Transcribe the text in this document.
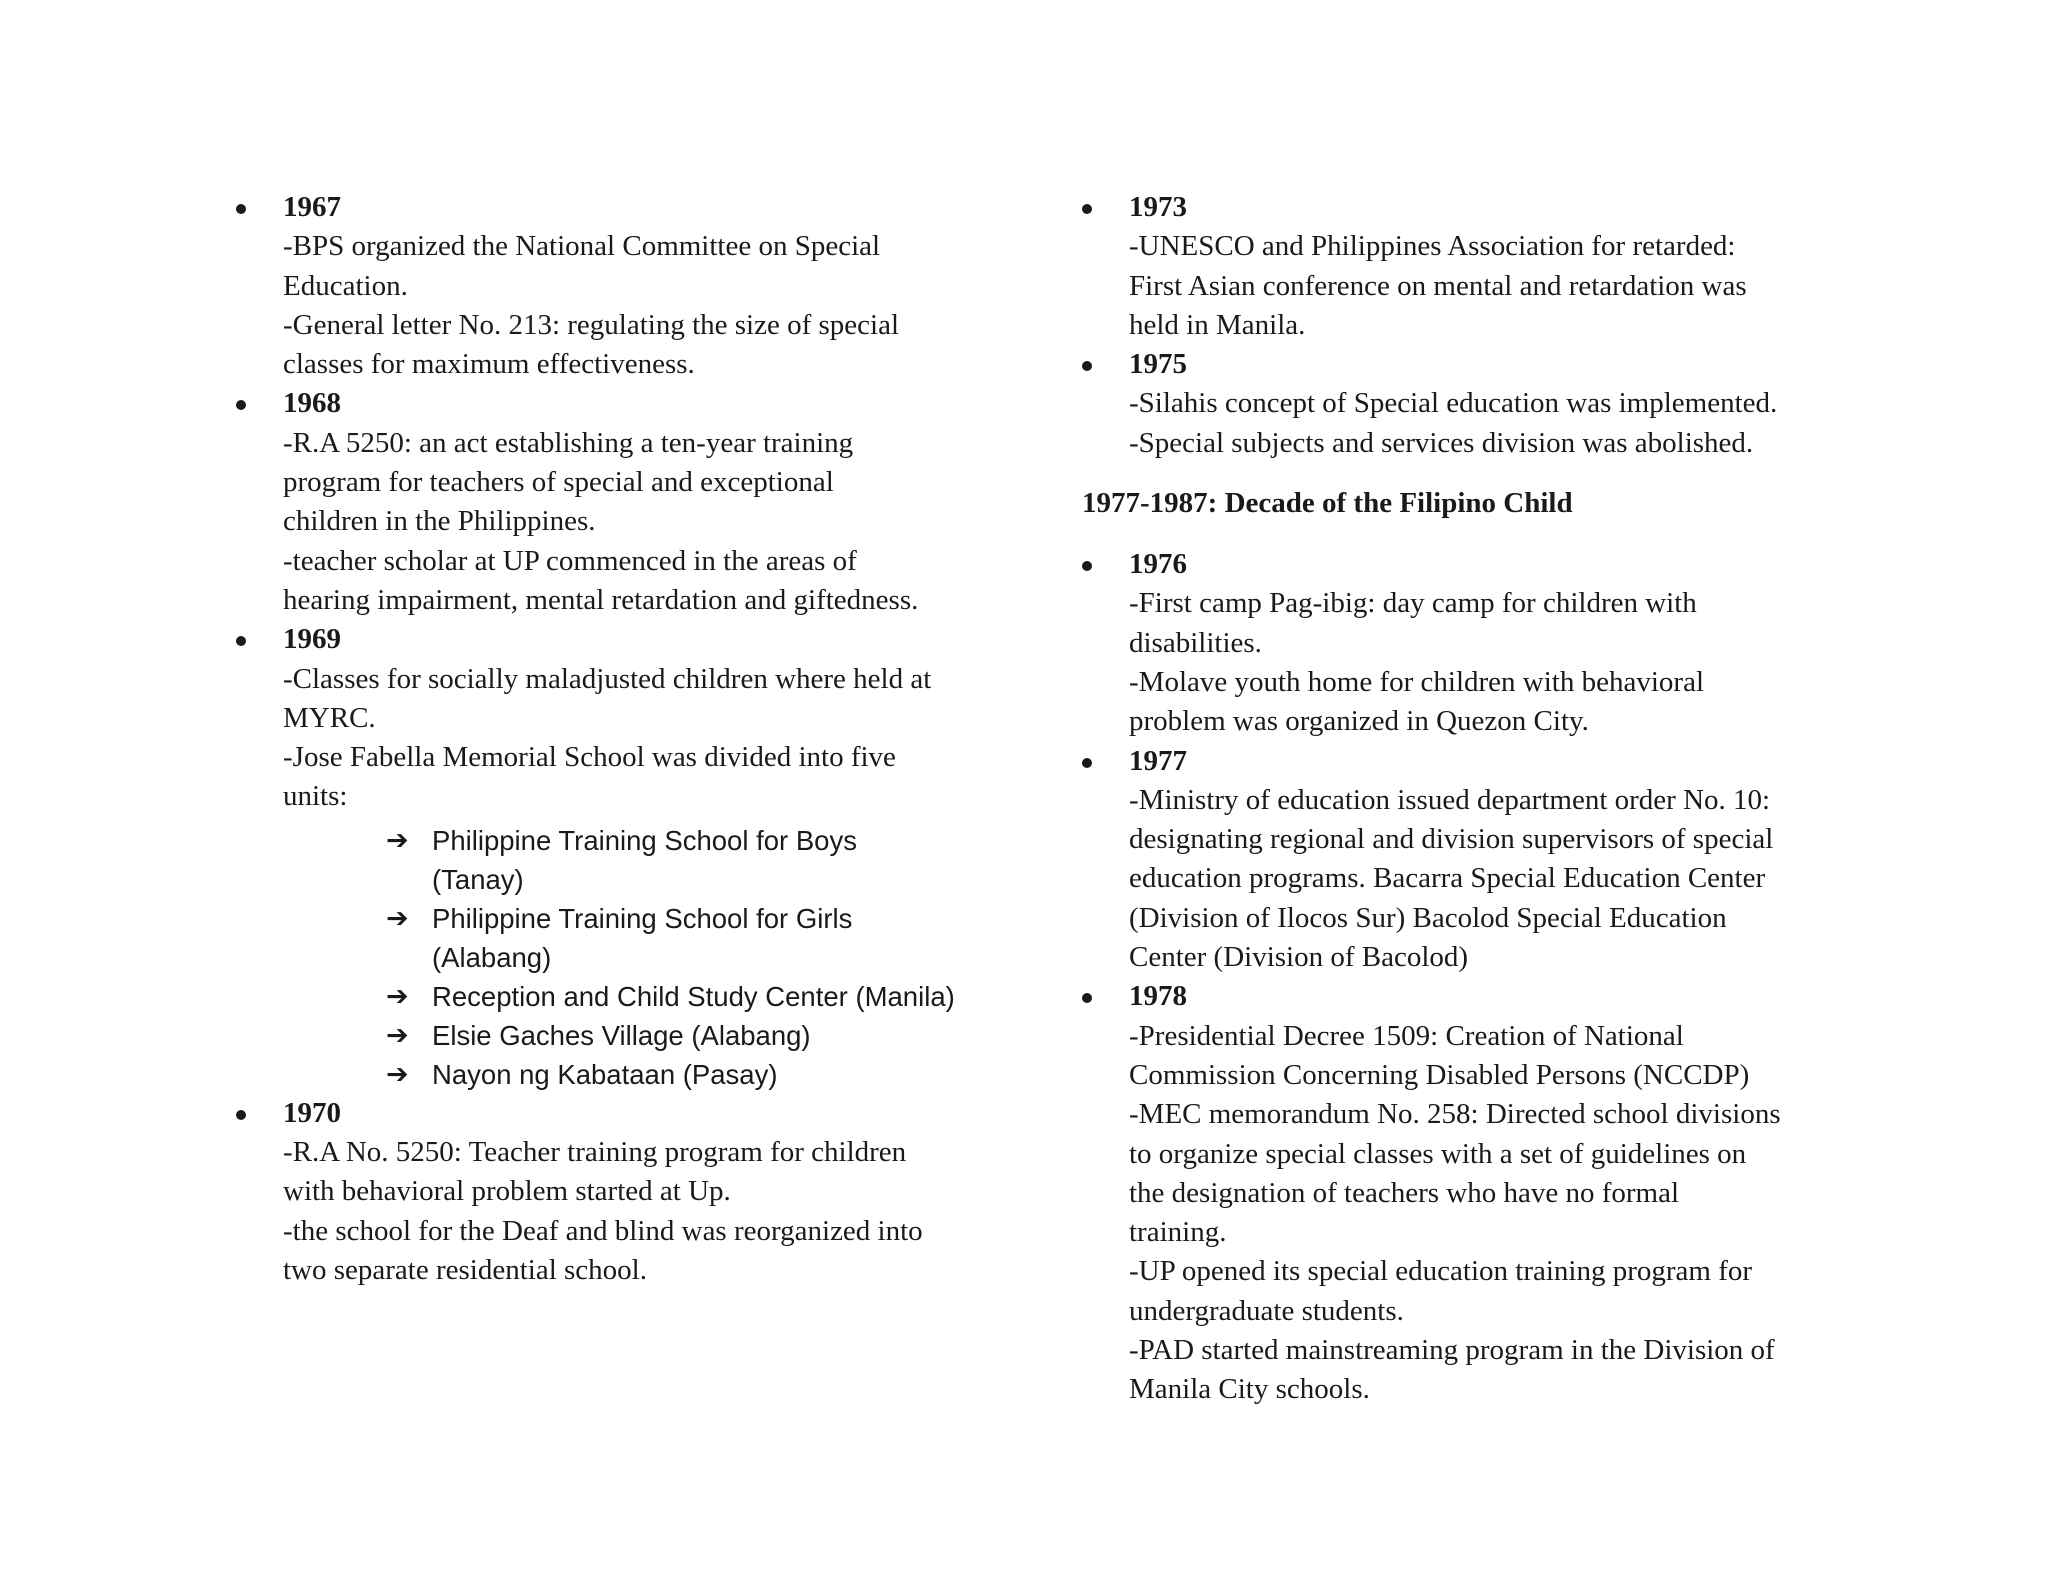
1967
-BPS organized the National Committee on Special
Education.
-General letter No. 213: regulating the size of special
classes for maximum effectiveness.
1968
-R.A 5250: an act establishing a ten-year training
program for teachers of special and exceptional
children in the Philippines.
-teacher scholar at UP commenced in the areas of
hearing impairment, mental retardation and giftedness.
1969
-Classes for socially maladjusted children where held at
MYRC.
-Jose Fabella Memorial School was divided into five
units:
➔ Philippine Training School for Boys
(Tanay)
➔ Philippine Training School for Girls
(Alabang)
➔ Reception and Child Study Center (Manila)
➔ Elsie Gaches Village (Alabang)
➔ Nayon ng Kabataan (Pasay)
1970
-R.A No. 5250: Teacher training program for children
with behavioral problem started at Up.
-the school for the Deaf and blind was reorganized into
two separate residential school.
1973
-UNESCO and Philippines Association for retarded:
First Asian conference on mental and retardation was
held in Manila.
1975
-Silahis concept of Special education was implemented.
-Special subjects and services division was abolished.
1977-1987: Decade of the Filipino Child
1976
-First camp Pag-ibig: day camp for children with
disabilities.
-Molave youth home for children with behavioral
problem was organized in Quezon City.
1977
-Ministry of education issued department order No. 10:
designating regional and division supervisors of special
education programs. Bacarra Special Education Center
(Division of Ilocos Sur) Bacolod Special Education
Center (Division of Bacolod)
1978
-Presidential Decree 1509: Creation of National
Commission Concerning Disabled Persons (NCCDP)
-MEC memorandum No. 258: Directed school divisions
to organize special classes with a set of guidelines on
the designation of teachers who have no formal
training.
-UP opened its special education training program for
undergraduate students.
-PAD started mainstreaming program in the Division of
Manila City schools.
